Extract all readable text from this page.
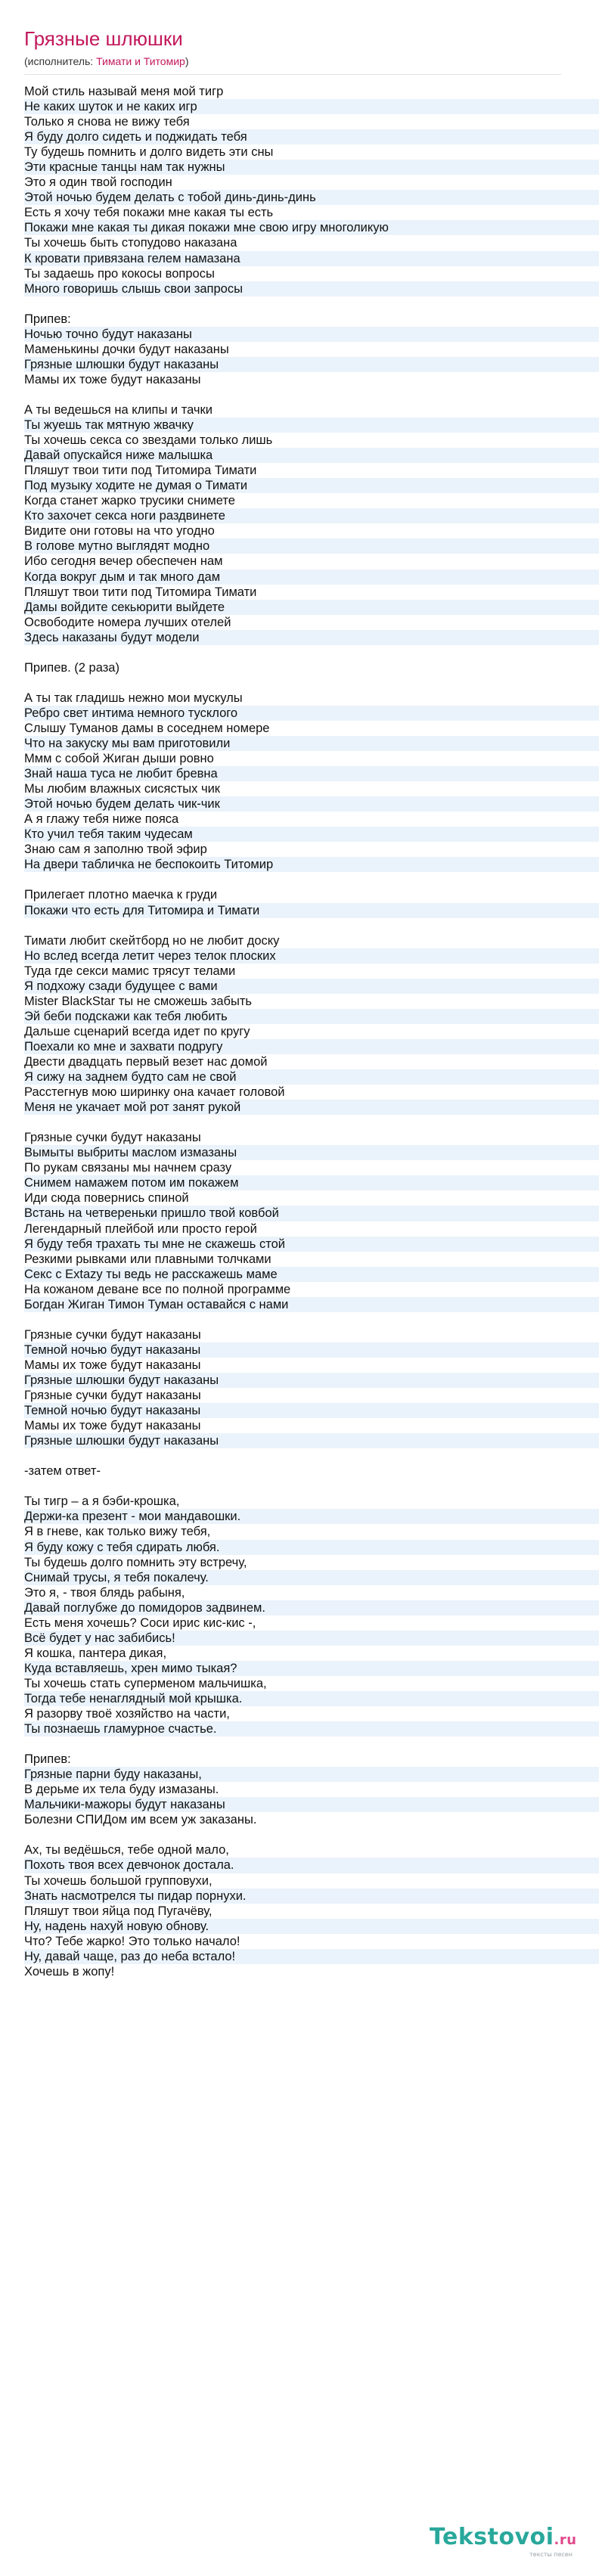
Грязные шлюшки
(исполнитель: Тимати и Титомир)
Мой стиль называй меня мой тигр
Не каких шуток и не каких игр
Только я снова не вижу тебя
Я буду долго сидеть и поджидать тебя
Ту будешь помнить и долго видеть эти сны
Эти красные танцы нам так нужны
Это я один твой господин
Этой ночью будем делать с тобой динь-динь-динь
Есть я хочу тебя покажи мне какая ты есть
Покажи мне какая ты дикая покажи мне свою игру многоликую
Ты хочешь быть стопудово наказана
К кровати привязана гелем намазана
Ты задаешь про кокосы вопросы
Много говоришь слышь свои запросы
Припев:
Ночью точно будут наказаны
Маменькины дочки будут наказаны
Грязные шлюшки будут наказаны
Мамы их тоже будут наказаны
А ты ведешься на клипы и тачки
Ты жуешь так мятную жвачку
Ты хочешь секса со звездами только лишь
Давай опускайся ниже малышка
Пляшут твои тити под Титомира Тимати
Под музыку ходите не думая о Тимати
Когда станет жарко трусики снимете
Кто захочет секса ноги раздвинете
Видите они готовы на что угодно
В голове мутно выглядят модно
Ибо сегодня вечер обеспечен нам
Когда вокруг дым и так много дам
Пляшут твои тити под Титомира Тимати
Дамы войдите секьюрити выйдете
Освободите номера лучших отелей
Здесь наказаны будут модели
Припев. (2 раза)
А ты так гладишь нежно мои мускулы
Ребро свет интима немного тусклого
Слышу Туманов дамы в соседнем номере
Что на закуску мы вам приготовили
Ммм с собой Жиган дыши ровно
Знай наша туса не любит бревна
Мы любим влажных сисястых чик
Этой ночью будем делать чик-чик
А я глажу тебя ниже пояса
Кто учил тебя таким чудесам
Знаю сам я заполню твой эфир
На двери табличка не беспокоить Титомир
Прилегает плотно маечка к груди
Покажи что есть для Титомира и Тимати
Тимати любит скейтборд но не любит доску
Но вслед всегда летит через телок плоских
Туда где секси мамис трясут телами
Я подхожу сзади будущее с вами
Mister BlackStar ты не сможешь забыть
Эй беби подскажи как тебя любить
Дальше сценарий всегда идет по кругу
Поехали ко мне и захвати подругу
Двести двадцать первый везет нас домой
Я сижу на заднем будто сам не свой
Расстегнув мою ширинку она качает головой
Меня не укачает мой рот занят рукой
Грязные сучки будут наказаны
Вымыты выбриты маслом измазаны
По рукам связаны мы начнем сразу
Снимем намажем потом им покажем
Иди сюда повернись спиной
Встань на четвереньки пришло твой ковбой
Легендарный плейбой или просто герой
Я буду тебя трахать ты мне не скажешь стой
Резкими рывками или плавными толчками
Секс с Extazy ты ведь не расскажешь маме
На кожаном деване все по полной программе
Богдан Жиган Тимон Туман оставайся с нами
Грязные сучки будут наказаны
Темной ночью будут наказаны
Мамы их тоже будут наказаны
Грязные шлюшки будут наказаны
Грязные сучки будут наказаны
Темной ночью будут наказаны
Мамы их тоже будут наказаны
Грязные шлюшки будут наказаны
-затем ответ-
Ты тигр – а я бэби-крошка,
Держи-ка презент - мои мандавошки.
Я в гневе, как только вижу тебя,
Я буду кожу с тебя сдирать любя.
Ты будешь долго помнить эту встречу,
Снимай трусы, я тебя покалечу.
Это я, - твоя блядь рабыня,
Давай поглубже до помидоров задвинем.
Есть меня хочешь? Соси ирис кис-кис -,
Всё будет у нас забибись!
Я кошка, пантера дикая,
Куда вставляешь, хрен мимо тыкая?
Ты хочешь стать суперменом мальчишка,
Тогда тебе ненаглядный мой крышка.
Я разорву твоё хозяйство на части,
Ты познаешь гламурное счастье.
Припев:
Грязные парни буду наказаны,
В дерьме их тела буду измазаны.
Мальчики-мажоры будут наказаны
Болезни СПИДом им всем уж заказаны.
Ах, ты ведёшься, тебе одной мало,
Похоть твоя всех девчонок достала.
Ты хочешь большой групповухи,
Знать насмотрелся ты пидар порнухи.
Пляшут твои яйца под Пугачёву,
Ну, надень нахуй новую обнову.
Что? Тебе жарко! Это только начало!
Ну, давай чаще, раз до неба встало!
Хочешь в жопу!
Tekstovoi.ru
тексты песен
